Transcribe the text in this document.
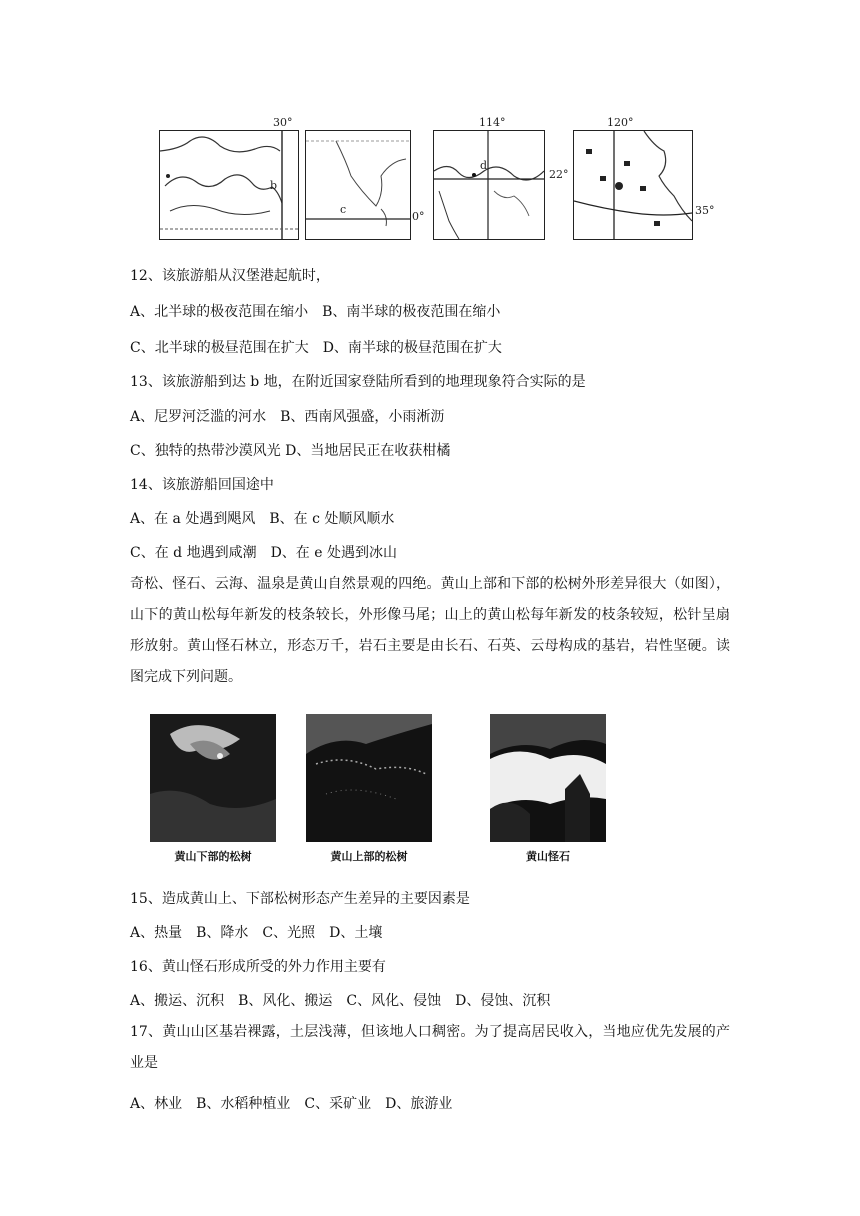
b
30°
c
0°
d
114°
22°
120°
35°
12、该旅游船从汉堡港起航时，
A、北半球的极夜范围在缩小　B、南半球的极夜范围在缩小
C、北半球的极昼范围在扩大　D、南半球的极昼范围在扩大
13、该旅游船到达 b 地，在附近国家登陆所看到的地理现象符合实际的是
A、尼罗河泛滥的河水　B、西南风强盛，小雨淅沥
C、独特的热带沙漠风光 D、当地居民正在收获柑橘
14、该旅游船回国途中
A、在 a 处遇到飓风　B、在 c 处顺风顺水
C、在 d 地遇到咸潮　D、在 e 处遇到冰山
奇松、怪石、云海、温泉是黄山自然景观的四绝。黄山上部和下部的松树外形差异很大（如图），山下的黄山松每年新发的枝条较长，外形像马尾；山上的黄山松每年新发的枝条较短，松针呈扇形放射。黄山怪石林立，形态万千，岩石主要是由长石、石英、云母构成的基岩，岩性坚硬。读图完成下列问题。
黄山下部的松树	黄山上部的松树	黄山怪石
15、造成黄山上、下部松树形态产生差异的主要因素是
A、热量　B、降水　C、光照　D、土壤
16、黄山怪石形成所受的外力作用主要有
A、搬运、沉积　B、风化、搬运　C、风化、侵蚀　D、侵蚀、沉积
17、黄山山区基岩裸露，土层浅薄，但该地人口稠密。为了提高居民收入，当地应优先发展的产业是
A、林业　B、水稻种植业　C、采矿业　D、旅游业
